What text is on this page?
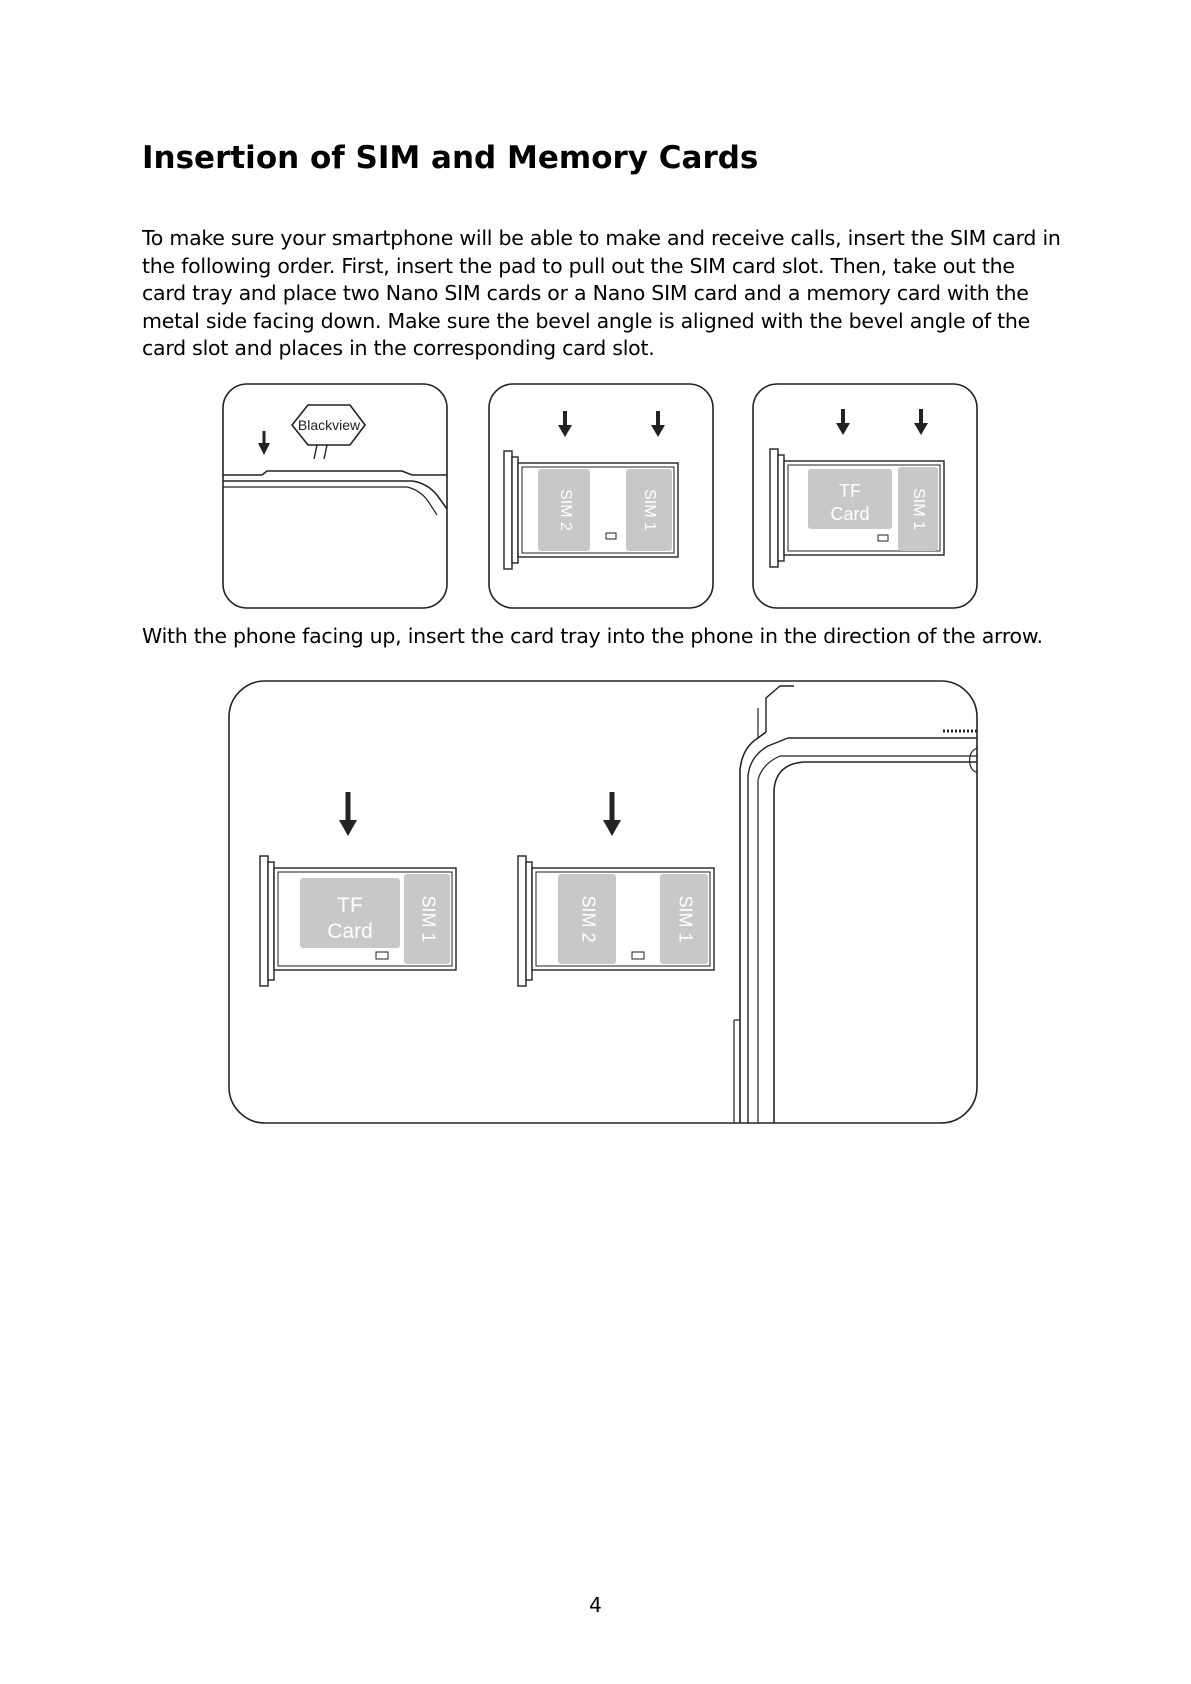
Insertion of SIM and Memory Cards

To make sure your smartphone will be able to make and receive calls, insert the SIM card in the following order. First, insert the pad to pull out the SIM card slot. Then, take out the card tray and place two Nano SIM cards or a Nano SIM card and a memory card with the metal side facing down. Make sure the bevel angle is aligned with the bevel angle of the card slot and places in the corresponding card slot.

Blackview
SIM 2	SIM 1	TF
Card	SIM 1

With the phone facing up, insert the card tray into the phone in the direction of the arrow.

TF
Card	SIM 1	SIM 2	SIM 1

4
